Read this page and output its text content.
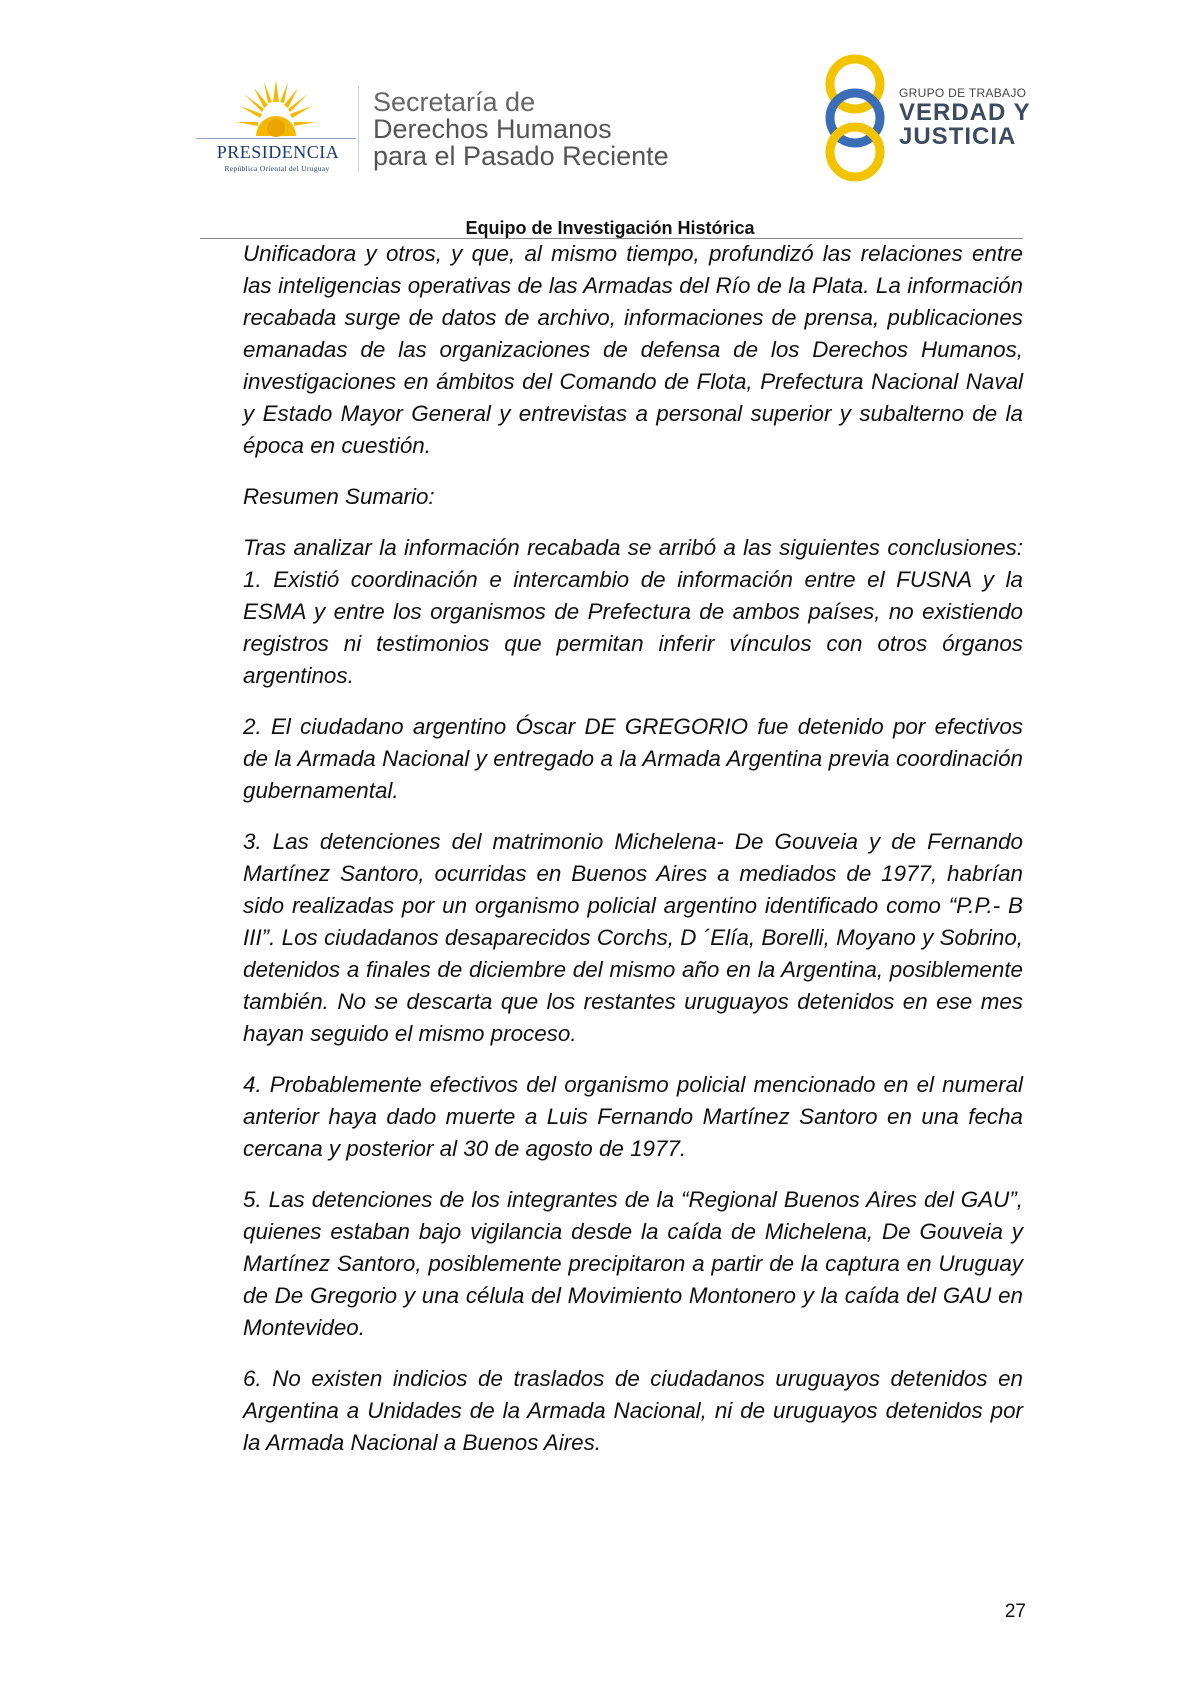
PRESIDENCIA
República Oriental del Uruguay
Secretaría de
Derechos Humanos
para el Pasado Reciente
GRUPO DE TRABAJO
VERDAD Y
JUSTICIA
Equipo de Investigación Histórica

Unificadora y otros, y que, al mismo tiempo, profundizó las relaciones entre las inteligencias operativas de las Armadas del Río de la Plata. La información recabada surge de datos de archivo, informaciones de prensa, publicaciones emanadas de las organizaciones de defensa de los Derechos Humanos, investigaciones en ámbitos del Comando de Flota, Prefectura Nacional Naval y Estado Mayor General y entrevistas a personal superior y subalterno de la época en cuestión.

Resumen Sumario:

Tras analizar la información recabada se arribó a las siguientes conclusiones: 1. Existió coordinación e intercambio de información entre el FUSNA y la ESMA y entre los organismos de Prefectura de ambos países, no existiendo registros ni testimonios que permitan inferir vínculos con otros órganos argentinos.

2. El ciudadano argentino Óscar DE GREGORIO fue detenido por efectivos de la Armada Nacional y entregado a la Armada Argentina previa coordinación gubernamental.

3. Las detenciones del matrimonio Michelena- De Gouveia y de Fernando Martínez Santoro, ocurridas en Buenos Aires a mediados de 1977, habrían sido realizadas por un organismo policial argentino identificado como “P.P.- B III”. Los ciudadanos desaparecidos Corchs, D ´Elía, Borelli, Moyano y Sobrino, detenidos a finales de diciembre del mismo año en la Argentina, posiblemente también. No se descarta que los restantes uruguayos detenidos en ese mes hayan seguido el mismo proceso.

4. Probablemente efectivos del organismo policial mencionado en el numeral anterior haya dado muerte a Luis Fernando Martínez Santoro en una fecha cercana y posterior al 30 de agosto de 1977.

5. Las detenciones de los integrantes de la “Regional Buenos Aires del GAU”, quienes estaban bajo vigilancia desde la caída de Michelena, De Gouveia y Martínez Santoro, posiblemente precipitaron a partir de la captura en Uruguay de De Gregorio y una célula del Movimiento Montonero y la caída del GAU en Montevideo.

6. No existen indicios de traslados de ciudadanos uruguayos detenidos en Argentina a Unidades de la Armada Nacional, ni de uruguayos detenidos por la Armada Nacional a Buenos Aires.

27
